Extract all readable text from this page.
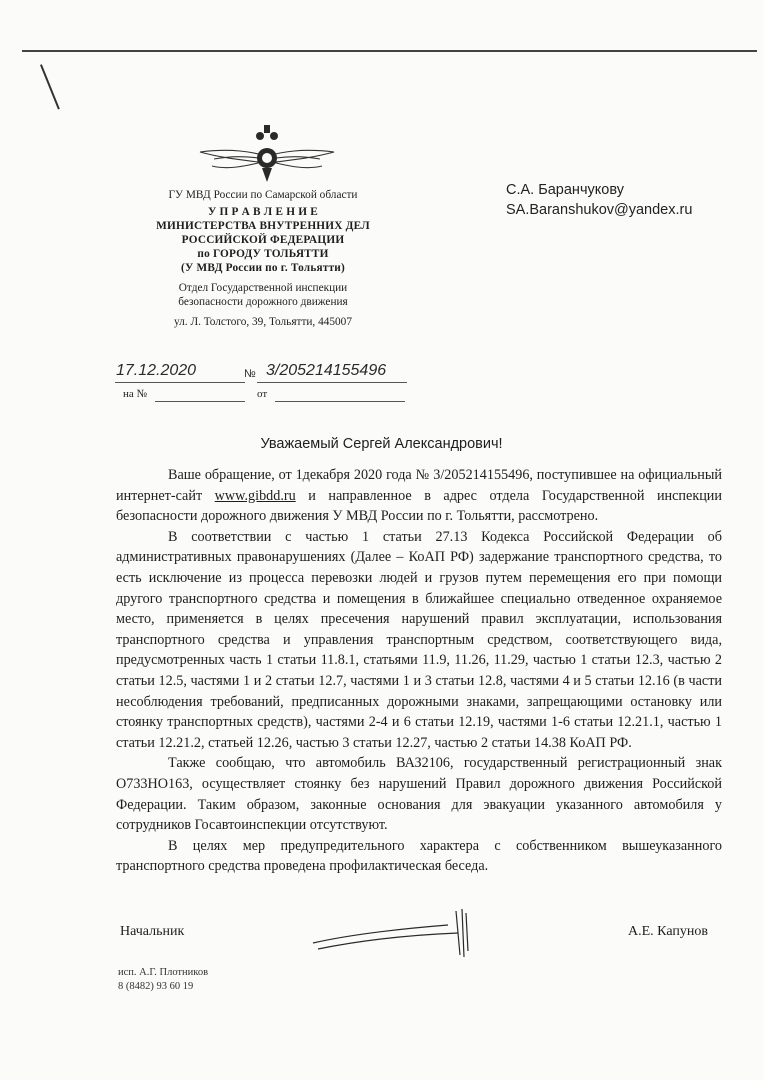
ГУ МВД России по Самарской области
У П Р А В Л Е Н И Е
МИНИСТЕРСТВА ВНУТРЕННИХ ДЕЛ
РОССИЙСКОЙ ФЕДЕРАЦИИ
по ГОРОДУ ТОЛЬЯТТИ
(У МВД России по г. Тольятти)
Отдел Государственной инспекции
безопасности дорожного движения
ул. Л. Толстого, 39, Тольятти, 445007
С.А. Баранчукову
SA.Baranshukov@yandex.ru
17.12.2020	№ 3/205214155496
на №	от
Уважаемый Сергей Александрович!

Ваше обращение, от 1декабря 2020 года № 3/205214155496, поступившее на официальный интернет-сайт www.gibdd.ru и направленное в адрес отдела Государственной инспекции безопасности дорожного движения У МВД России по г. Тольятти, рассмотрено.

В соответствии с частью 1 статьи 27.13 Кодекса Российской Федерации об административных правонарушениях (Далее – КоАП РФ) задержание транспортного средства, то есть исключение из процесса перевозки людей и грузов путем перемещения его при помощи другого транспортного средства и помещения в ближайшее специально отведенное охраняемое место, применяется в целях пресечения нарушений правил эксплуатации, использования транспортного средства и управления транспортным средством, соответствующего вида, предусмотренных часть 1 статьи 11.8.1, статьями 11.9, 11.26, 11.29, частью 1 статьи 12.3, частью 2 статьи 12.5, частями 1 и 2 статьи 12.7, частями 1 и 3 статьи 12.8, частями 4 и 5 статьи 12.16 (в части несоблюдения требований, предписанных дорожными знаками, запрещающими остановку или стоянку транспортных средств), частями 2-4 и 6 статьи 12.19, частями 1-6 статьи 12.21.1, частью 1 статьи 12.21.2, статьей 12.26, частью 3 статьи 12.27, частью 2 статьи 14.38 КоАП РФ.

Также сообщаю, что автомобиль ВАЗ2106, государственный регистрационный знак О733НО163, осуществляет стоянку без нарушений Правил дорожного движения Российской Федерации. Таким образом, законные основания для эвакуации указанного автомобиля у сотрудников Госавтоинспекции отсутствуют.

В целях мер предупредительного характера с собственником вышеуказанного транспортного средства проведена профилактическая беседа.

Начальник	А.Е. Капунов
исп. А.Г. Плотников
8 (8482) 93 60 19
